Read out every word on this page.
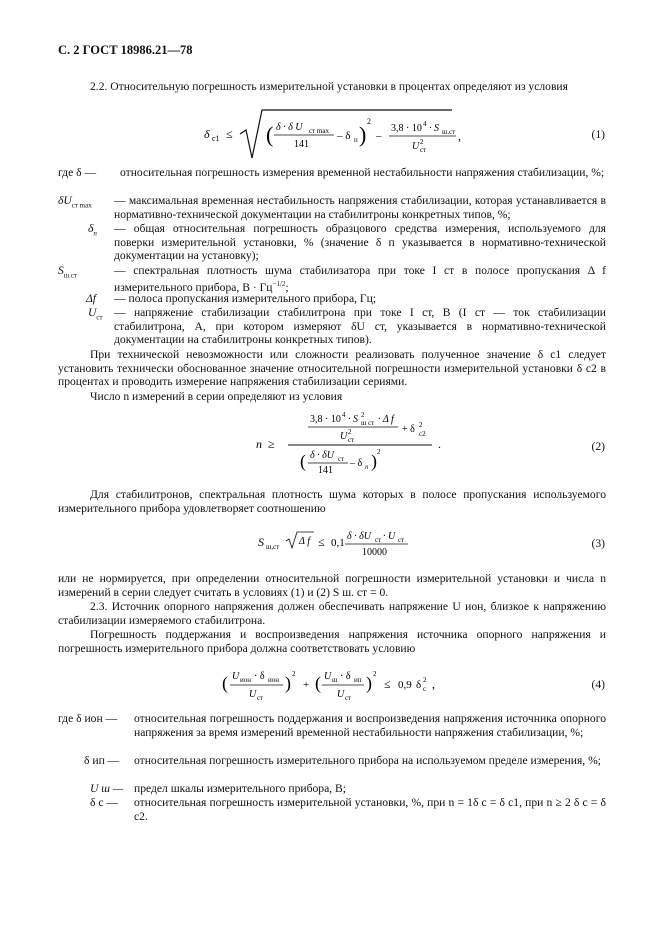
С. 2 ГОСТ 18986.21—78
2.2. Относительную погрешность измерительной установки в процентах определяют из условия
δ с1 ≤ ( δ · δ U ст max
141
– δ п )
2
–
3,8 · 10 4 · S ш.ст
U 2
ст
,	(1)
где δ —	относительная погрешность измерения временной нестабильности напряжения стабилизации, %;
$\delta U_{ст max}$ — максимальная временная нестабильность напряжения стабилизации, которая устанавливается в нормативно-технической документации на стабилитроны конкретных типов, %;
$\delta_п$ — общая относительная погрешность образцового средства измерения, используемого для поверки измерительной установки, % (значение δ п указывается в нормативно-технической документации на установку);
$S_{ш.ст}$	— спектральная плотность шума стабилизатора при токе I ст в полосе пропускания Δ f измерительного прибора, $B \cdot Гц^{-1/2}$;
Δf — полоса пропускания измерительного прибора, Гц;
$U_{ст}$ — напряжение стабилизации стабилитрона при токе I ст, В (I ст — ток стабилизации стабилитрона, А, при котором измеряют δU ст, указывается в нормативно-технической документации на стабилитроны конкретных типов).
При технической невозможности или сложности реализовать полученное значение δ с1 следует установить технически обоснованное значение относительной погрешности измерительной установки δ с2 в процентах и проводить измерение напряжения стабилизации сериями.
Число n измерений в серии определяют из условия
n ≥
3,8 · 10 4 · S 2
ш ст · Δ f
U 2
ст
+ δ 2
с2
( δ · δU ст
141
– δ п ) 2
.	(2)
Для стабилитронов, спектральная плотность шума которых в полосе пропускания используемого измерительного прибора удовлетворяет соотношению
S ш,ст Δ f ≤ 0,1
δ · δU ст · U ст
10000
(3)
или не нормируется, при определении относительной погрешности измерительной установки и числа n измерений в серии следует считать в условиях (1) и (2) S ш. ст = 0.
2.3. Источник опорного напряжения должен обеспечивать напряжение U ион, близкое к напряжению стабилизации измеряемого стабилитрона.
Погрешность поддержания и воспроизведения напряжения источника опорного напряжения и погрешность измерительного прибора должна соответствовать условию
( U ион · δ ион
U ст
) 2
+ ( U ш · δ ип
U ст
) 2
≤ 0,9 δ 2
с ,	(4)
где δ ион —	относительная погрешность поддержания и воспроизведения напряжения источника опорного напряжения за время измерений временной нестабильности напряжения стабилизации, %;
δ ип —	относительная погрешность измерительного прибора на используемом пределе измерения, %;
U ш — предел шкалы измерительного прибора, В;
δ с —	относительная погрешность измерительной установки, %, при n = 1δ с = δ с1, при n ≥ 2 δ с = δ с2.
